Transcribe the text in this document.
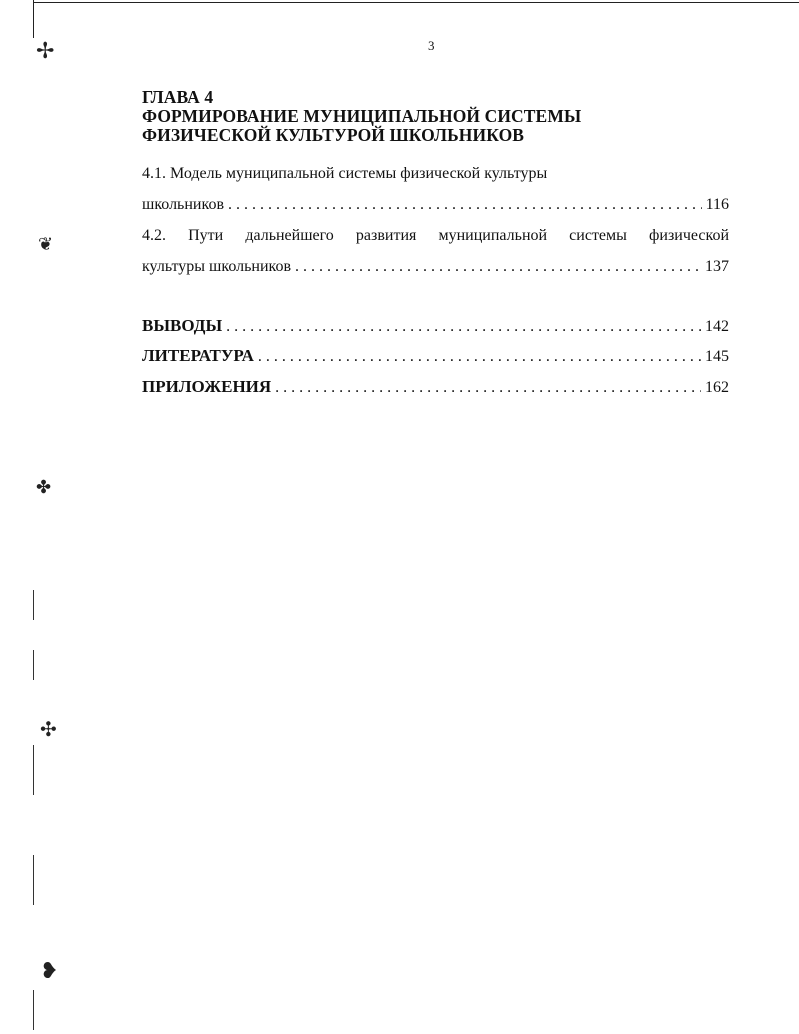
✢
❦
✤
✣
❥
3
ГЛАВА 4
ФОРМИРОВАНИЕ МУНИЦИПАЛЬНОЙ СИСТЕМЫ
ФИЗИЧЕСКОЙ КУЛЬТУРОЙ ШКОЛЬНИКОВ
4.1. Модель муниципальной системы физической культуры
школьников . . .	116
4.2. Пути дальнейшего развития муниципальной системы физической
культуры школьников . . .	137
ВЫВОДЫ . . .	142
ЛИТЕРАТУРА . . .	145
ПРИЛОЖЕНИЯ . . .	162
